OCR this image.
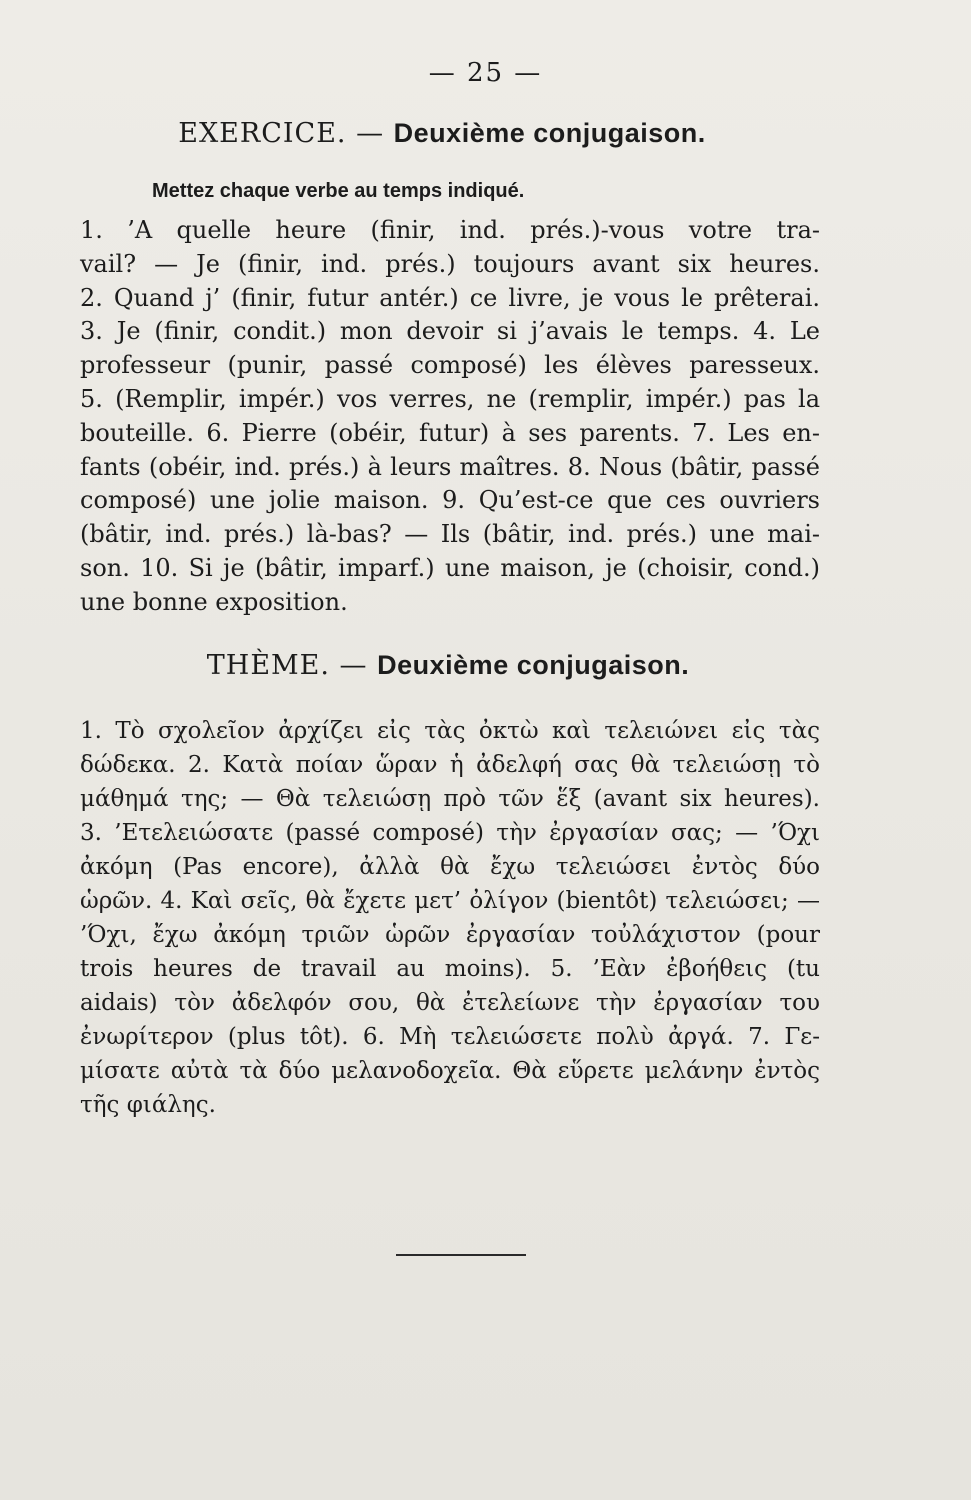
— 25 —
EXERCICE. — Deuxième conjugaison.
Mettez chaque verbe au temps indiqué.
1. ’A quelle heure (finir, ind. prés.)-vous votre tra-
vail? — Je (finir, ind. prés.) toujours avant six heures.
2. Quand j’ (finir, futur antér.) ce livre, je vous le prêterai.
3. Je (finir, condit.) mon devoir si j’avais le temps. 4. Le
professeur (punir, passé composé) les élèves paresseux.
5. (Remplir, impér.) vos verres, ne (remplir, impér.) pas la
bouteille. 6. Pierre (obéir, futur) à ses parents. 7. Les en-
fants (obéir, ind. prés.) à leurs maîtres. 8. Nous (bâtir, passé
composé) une jolie maison. 9. Qu’est-ce que ces ouvriers
(bâtir, ind. prés.) là-bas? — Ils (bâtir, ind. prés.) une mai-
son. 10. Si je (bâtir, imparf.) une maison, je (choisir, cond.)
une bonne exposition.
THÈME. — Deuxième conjugaison.
1. Τὸ σχολεῖον ἀρχίζει εἰς τὰς ὀκτὼ καὶ τελειώνει εἰς τὰς
δώδεκα. 2. Κατὰ ποίαν ὥραν ἡ ἀδελφή σας θὰ τελειώσῃ τὸ
μάθημά της; — Θὰ τελειώσῃ πρὸ τῶν ἕξ (avant six heures).
3. ’Ετελειώσατε (passé composé) τὴν ἐργασίαν σας; — ’Όχι
ἀκόμη (Pas encore), ἀλλὰ θὰ ἔχω τελειώσει ἐντὸς δύο
ὡρῶν. 4. Καὶ σεῖς, θὰ ἔχετε μετ’ ὀλίγον (bientôt) τελειώσει; —
’Όχι, ἔχω ἀκόμη τριῶν ὡρῶν ἐργασίαν τοὐλάχιστον (pour
trois heures de travail au moins). 5. ’Εὰν ἐβοήθεις (tu
aidais) τὸν ἀδελφόν σου, θὰ ἐτελείωνε τὴν ἐργασίαν του
ἐνωρίτερον (plus tôt). 6. Μὴ τελειώσετε πολὺ ἀργά. 7. Γε-
μίσατε αὐτὰ τὰ δύο μελανοδοχεῖα. Θὰ εὕρετε μελάνην ἐντὸς
τῆς φιάλης.
